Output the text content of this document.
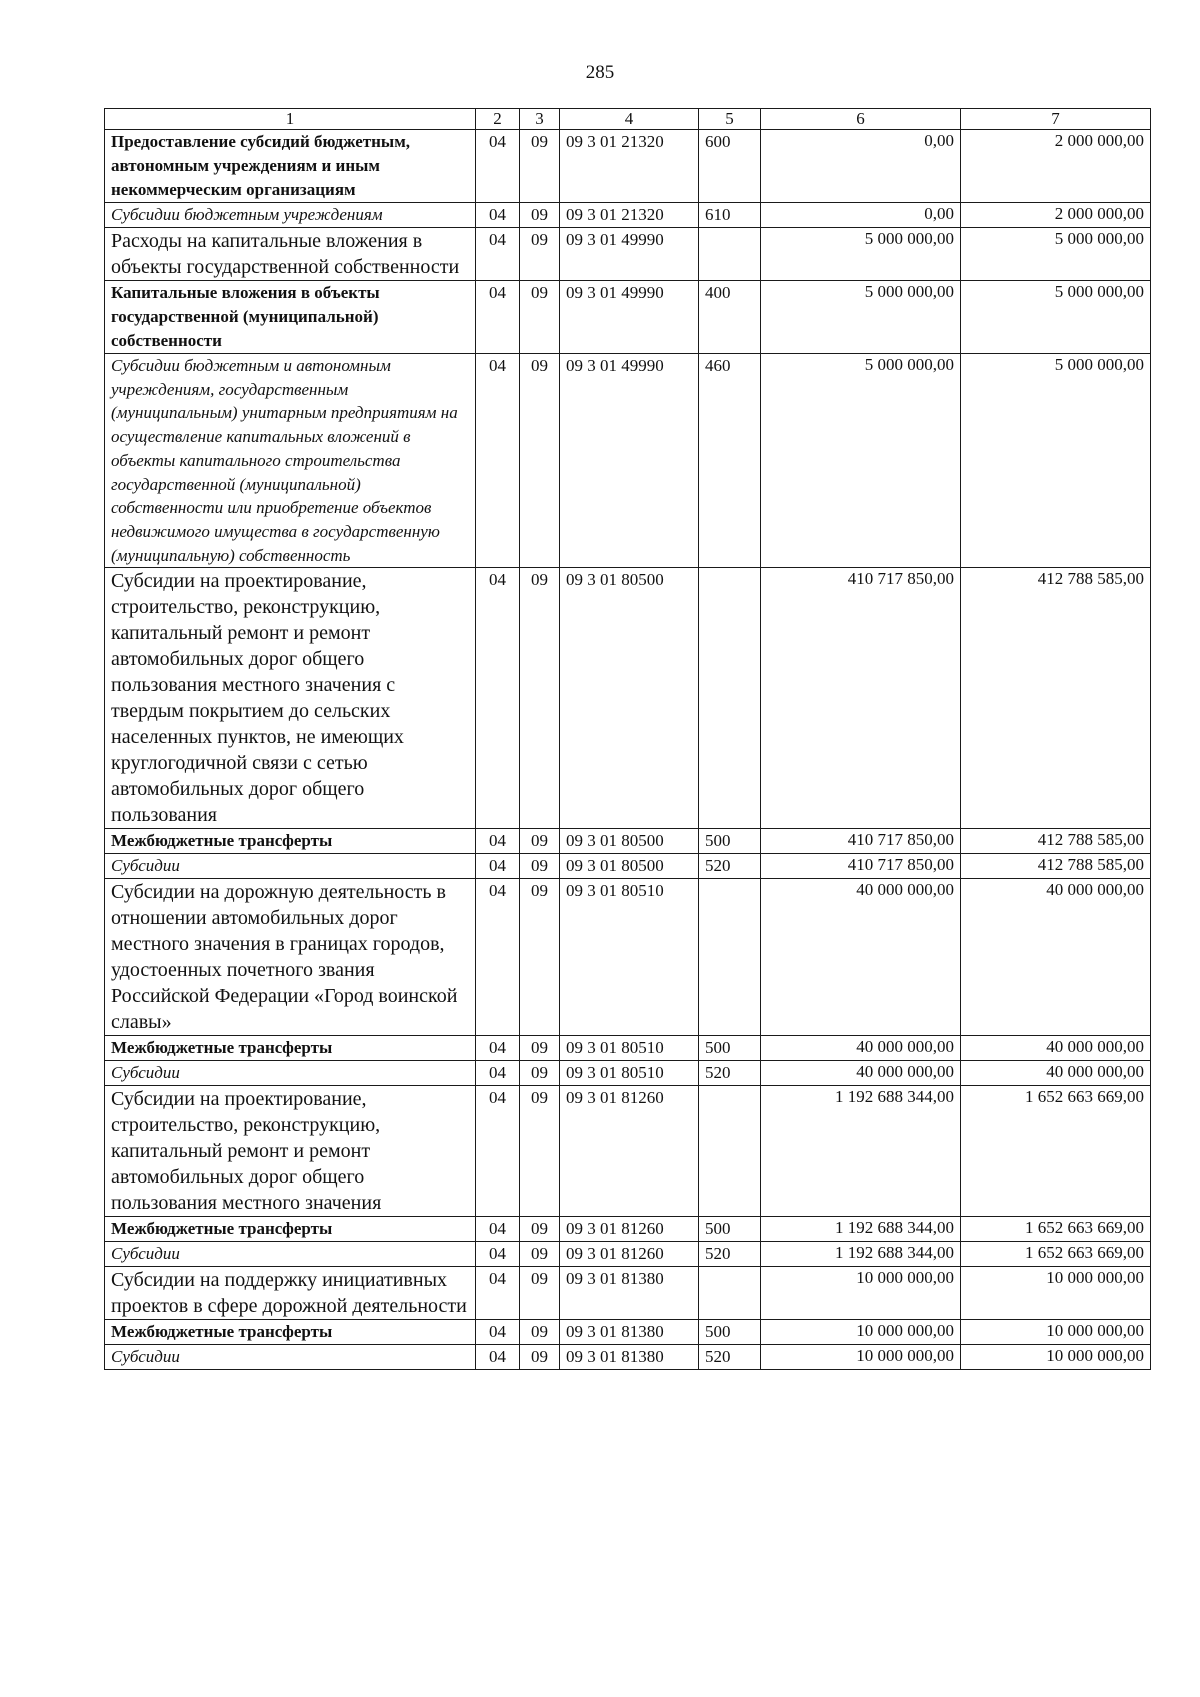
285
1	2	3	4	5	6	7
Предоставление субсидий бюджетным, автономным учреждениям и иным некоммерческим организациям	04	09	09 3 01 21320	600	0,00	2 000 000,00
Субсидии бюджетным учреждениям	04	09	09 3 01 21320	610	0,00	2 000 000,00
Расходы на капитальные вложения в объекты государственной собственности	04	09	09 3 01 49990		5 000 000,00	5 000 000,00
Капитальные вложения в объекты государственной (муниципальной) собственности	04	09	09 3 01 49990	400	5 000 000,00	5 000 000,00
Субсидии бюджетным и автономным учреждениям, государственным (муниципальным) унитарным предприятиям на осуществление капитальных вложений в объекты капитального строительства государственной (муниципальной) собственности или приобретение объектов недвижимого имущества в государственную (муниципальную) собственность	04	09	09 3 01 49990	460	5 000 000,00	5 000 000,00
Субсидии на проектирование, строительство, реконструкцию, капитальный ремонт и ремонт автомобильных дорог общего пользования местного значения с твердым покрытием до сельских населенных пунктов, не имеющих круглогодичной связи с сетью автомобильных дорог общего пользования	04	09	09 3 01 80500		410 717 850,00	412 788 585,00
Межбюджетные трансферты	04	09	09 3 01 80500	500	410 717 850,00	412 788 585,00
Субсидии	04	09	09 3 01 80500	520	410 717 850,00	412 788 585,00
Субсидии на дорожную деятельность в отношении автомобильных дорог местного значения в границах городов, удостоенных почетного звания Российской Федерации «Город воинской славы»	04	09	09 3 01 80510		40 000 000,00	40 000 000,00
Межбюджетные трансферты	04	09	09 3 01 80510	500	40 000 000,00	40 000 000,00
Субсидии	04	09	09 3 01 80510	520	40 000 000,00	40 000 000,00
Субсидии на проектирование, строительство, реконструкцию, капитальный ремонт и ремонт автомобильных дорог общего пользования местного значения	04	09	09 3 01 81260		1 192 688 344,00	1 652 663 669,00
Межбюджетные трансферты	04	09	09 3 01 81260	500	1 192 688 344,00	1 652 663 669,00
Субсидии	04	09	09 3 01 81260	520	1 192 688 344,00	1 652 663 669,00
Субсидии на поддержку инициативных проектов в сфере дорожной деятельности	04	09	09 3 01 81380		10 000 000,00	10 000 000,00
Межбюджетные трансферты	04	09	09 3 01 81380	500	10 000 000,00	10 000 000,00
Субсидии	04	09	09 3 01 81380	520	10 000 000,00	10 000 000,00
